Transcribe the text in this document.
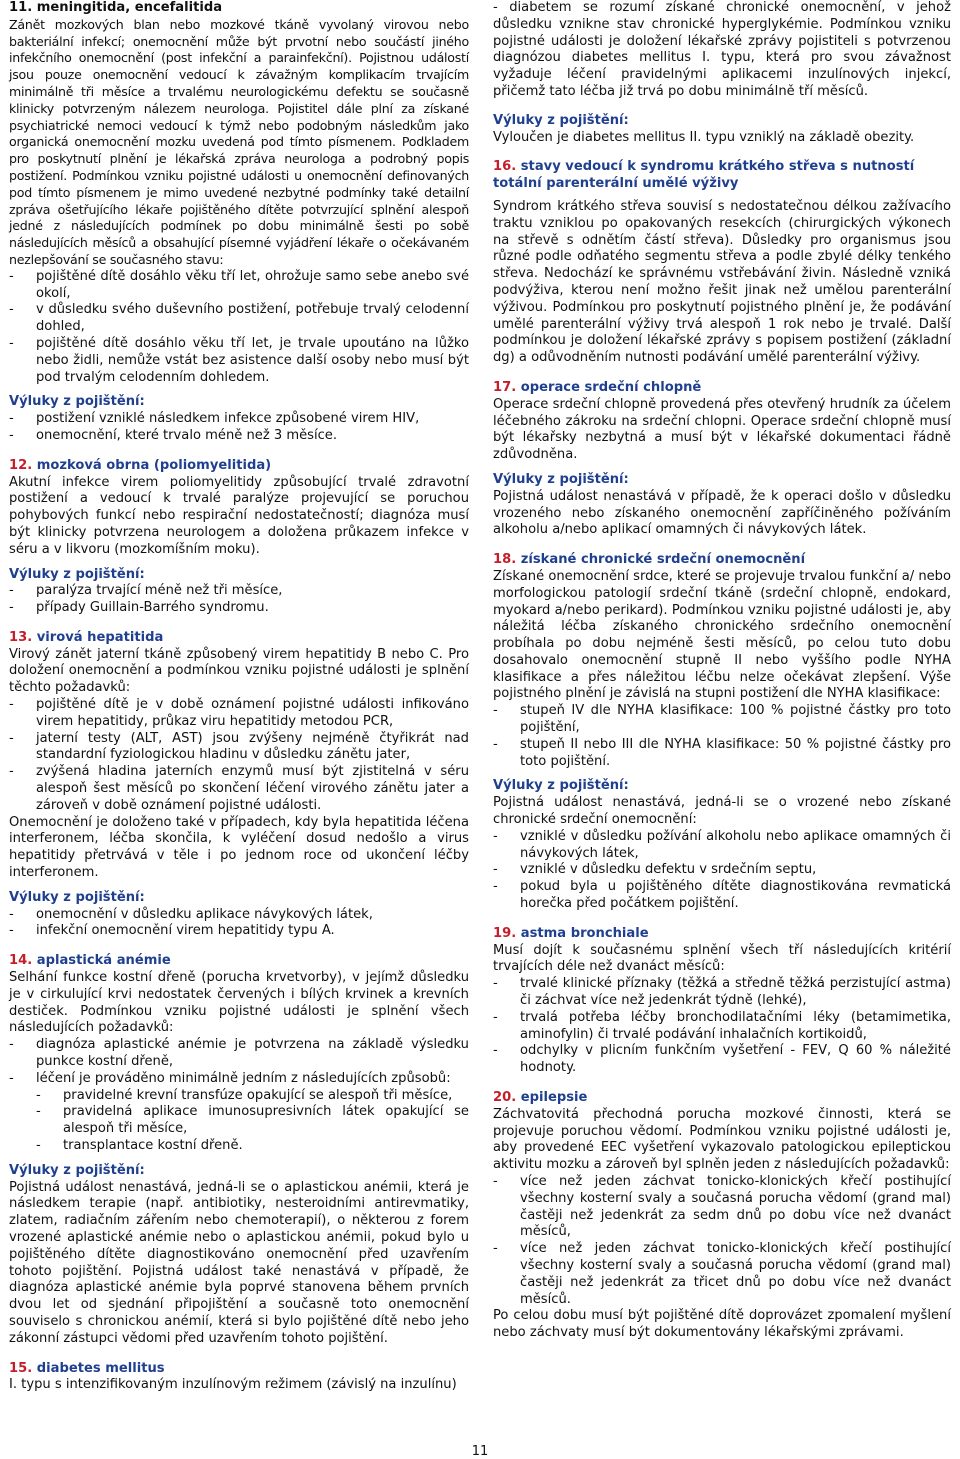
11. meningitida, encefalitida

Zánět mozkových blan nebo mozkové tkáně vyvolaný virovou nebo bakteriální infekcí; onemocnění může být prvotní nebo součástí jiného infekčního onemocnění (post infekční a parainfekční). Pojistnou událostí jsou pouze onemocnění vedoucí k závažným komplikacím trvajícím minimálně tři měsíce a trvalému neurologickému defektu se současně klinicky potvrzeným nálezem neurologa. Pojistitel dále plní za získané psychiatrické nemoci vedoucí k týmž nebo podobným následkům jako organická onemocnění mozku uvedená pod tímto písmenem. Podkladem pro poskytnutí plnění je lékařská zpráva neurologa a podrobný popis postižení. Podmínkou vzniku pojistné události u onemocnění definovaných pod tímto písmenem je mimo uvedené nezbytné podmínky také detailní zpráva ošetřujícího lékaře pojištěného dítěte potvrzující splnění alespoň jedné z následujících podmínek po dobu minimálně šesti po sobě následujících měsíců a obsahující písemné vyjádření lékaře o očekávaném nezlepšování se současného stavu:

- pojištěné dítě dosáhlo věku tří let, ohrožuje samo sebe anebo své okolí,
- v důsledku svého duševního postižení, potřebuje trvalý celodenní dohled,
- pojištěné dítě dosáhlo věku tří let, je trvale upoutáno na lůžko nebo židli, nemůže vstát bez asistence další osoby nebo musí být pod trvalým celodenním dohledem.
Výluky z pojištění:
- postižení vzniklé následkem infekce způsobené virem HIV,
- onemocnění, které trvalo méně než 3 měsíce.
12. mozková obrna (poliomyelitida)

Akutní infekce virem poliomyelitidy způsobující trvalé zdravotní postižení a vedoucí k trvalé paralýze projevující se poruchou pohybových funkcí nebo respirační nedostatečností; diagnóza musí být klinicky potvrzena neurologem a doložena průkazem infekce v séru a v likvoru (mozkomíšním moku).

Výluky z pojištění:
- paralýza trvající méně než tři měsíce,
- případy Guillain-Barrého syndromu.
13. virová hepatitida

Virový zánět jaterní tkáně způsobený virem hepatitidy B nebo C. Pro doložení onemocnění a podmínkou vzniku pojistné události je splnění těchto požadavků:

- pojištěné dítě je v době oznámení pojistné události infikováno virem hepatitidy, průkaz viru hepatitidy metodou PCR,
- jaterní testy (ALT, AST) jsou zvýšeny nejméně čtyřikrát nad standardní fyziologickou hladinu v důsledku zánětu jater,
- zvýšená hladina jaterních enzymů musí být zjistitelná v séru alespoň šest měsíců po skončení léčení virového zánětu jater a zároveň v době oznámení pojistné události.

Onemocnění je doloženo také v případech, kdy byla hepatitida léčena interferonem, léčba skončila, k vyléčení dosud nedošlo a virus hepatitidy přetrvává v těle i po jednom roce od ukončení léčby interferonem.

Výluky z pojištění:
- onemocnění v důsledku aplikace návykových látek,
- infekční onemocnění virem hepatitidy typu A.
14. aplastická anémie

Selhání funkce kostní dřeně (porucha krvetvorby), v jejímž důsledku je v cirkulující krvi nedostatek červených i bílých krvinek a krevních destiček. Podmínkou vzniku pojistné události je splnění všech následujících požadavků:

- diagnóza aplastické anémie je potvrzena na základě výsledku punkce kostní dřeně,
- léčení je prováděno minimálně jedním z následujících způsobů:
- pravidelné krevní transfúze opakující se alespoň tři měsíce,
- pravidelná aplikace imunosupresivních látek opakující se alespoň tři měsíce,
- transplantace kostní dřeně.
Výluky z pojištění:

Pojistná událost nenastává, jedná-li se o aplastickou anémii, která je následkem terapie (např. antibiotiky, nesteroidními antirevmatiky, zlatem, radiačním zářením nebo chemoterapií), o některou z forem vrozené aplastické anémie nebo o aplastickou anémii, pokud bylo u pojištěného dítěte diagnostikováno onemocnění před uzavřením tohoto pojištění. Pojistná událost také nenastává v případě, že diagnóza aplastické anémie byla poprvé stanovena během prvních dvou let od sjednání připojištění a současně toto onemocnění souviselo s chronickou anémií, která si bylo pojištěné dítě nebo jeho zákonní zástupci vědomi před uzavřením tohoto pojištění.

15. diabetes mellitus

I. typu s intenzifikovaným inzulínovým režimem (závislý na inzulínu)

- diabetem se rozumí získané chronické onemocnění, v jehož důsledku vznikne stav chronické hyperglykémie. Podmínkou vzniku pojistné události je doložení lékařské zprávy pojistiteli s potvrzenou diagnózou diabetes mellitus I. typu, která pro svou závažnost vyžaduje léčení pravidelnými aplikacemi inzulínových injekcí, přičemž tato léčba již trvá po dobu minimálně tří měsíců.

Výluky z pojištění:

Vyloučen je diabetes mellitus II. typu vzniklý na základě obezity.

16. stavy vedoucí k syndromu krátkého střeva s nutností totální parenterální umělé výživy

Syndrom krátkého střeva souvisí s nedostatečnou délkou zažívacího traktu vzniklou po opakovaných resekcích (chirurgických výkonech na střevě s odnětím částí střeva). Důsledky pro organismus jsou různé podle odňatého segmentu střeva a podle zbylé délky tenkého střeva. Nedochází ke správnému vstřebávání živin. Následně vzniká podvýživa, kterou není možno řešit jinak než umělou parenterální výživou. Podmínkou pro poskytnutí pojistného plnění je, že podávání umělé parenterální výživy trvá alespoň 1 rok nebo je trvalé. Další podmínkou je doložení lékařské zprávy s popisem postižení (základní dg) a odůvodněním nutnosti podávání umělé parenterální výživy.

17. operace srdeční chlopně

Operace srdeční chlopně provedená přes otevřený hrudník za účelem léčebného zákroku na srdeční chlopni. Operace srdeční chlopně musí být lékařsky nezbytná a musí být v lékařské dokumentaci řádně zdůvodněna.

Výluky z pojištění:

Pojistná událost nenastává v případě, že k operaci došlo v důsledku vrozeného nebo získaného onemocnění zapříčiněného požíváním alkoholu a/nebo aplikací omamných či návykových látek.

18. získané chronické srdeční onemocnění

Získané onemocnění srdce, které se projevuje trvalou funkční a/ nebo morfologickou patologií srdeční tkáně (srdeční chlopně, endokard, myokard a/nebo perikard). Podmínkou vzniku pojistné události je, aby náležitá léčba získaného chronického srdečního onemocnění probíhala po dobu nejméně šesti měsíců, po celou tuto dobu dosahovalo onemocnění stupně II nebo vyššího podle NYHA klasifikace a přes náležitou léčbu nelze očekávat zlepšení. Výše pojistného plnění je závislá na stupni postižení dle NYHA klasifikace:

- stupeň IV dle NYHA klasifikace: 100 % pojistné částky pro toto pojištění,
- stupeň II nebo III dle NYHA klasifikace: 50 % pojistné částky pro toto pojištění.
Výluky z pojištění:

Pojistná událost nenastává, jedná-li se o vrozené nebo získané chronické srdeční onemocnění:

- vzniklé v důsledku požívání alkoholu nebo aplikace omamných či návykových látek,
- vzniklé v důsledku defektu v srdečním septu,
- pokud byla u pojištěného dítěte diagnostikována revmatická horečka před počátkem pojištění.
19. astma bronchiale

Musí dojít k současnému splnění všech tří následujících kritérií trvajících déle než dvanáct měsíců:

- trvalé klinické příznaky (těžká a středně těžká perzistující astma) či záchvat více než jedenkrát týdně (lehké),
- trvalá potřeba léčby bronchodilatačními léky (betamimetika, aminofylin) či trvalé podávání inhalačních kortikoidů,
- odchylky v plicním funkčním vyšetření - FEV, Q 60 % náležité hodnoty.
20. epilepsie

Záchvatovitá přechodná porucha mozkové činnosti, která se projevuje poruchou vědomí. Podmínkou vzniku pojistné události je, aby provedené EEC vyšetření vykazovalo patologickou epileptickou aktivitu mozku a zároveň byl splněn jeden z následujících požadavků:

- více než jeden záchvat tonicko-klonických křečí postihující všechny kosterní svaly a současná porucha vědomí (grand mal) častěji než jedenkrát za sedm dnů po dobu více než dvanáct měsíců,
- více než jeden záchvat tonicko-klonických křečí postihující všechny kosterní svaly a současná porucha vědomí (grand mal) častěji než jedenkrát za třicet dnů po dobu více než dvanáct měsíců.

Po celou dobu musí být pojištěné dítě doprovázet zpomalení myšlení nebo záchvaty musí být dokumentovány lékařskými zprávami.

11
